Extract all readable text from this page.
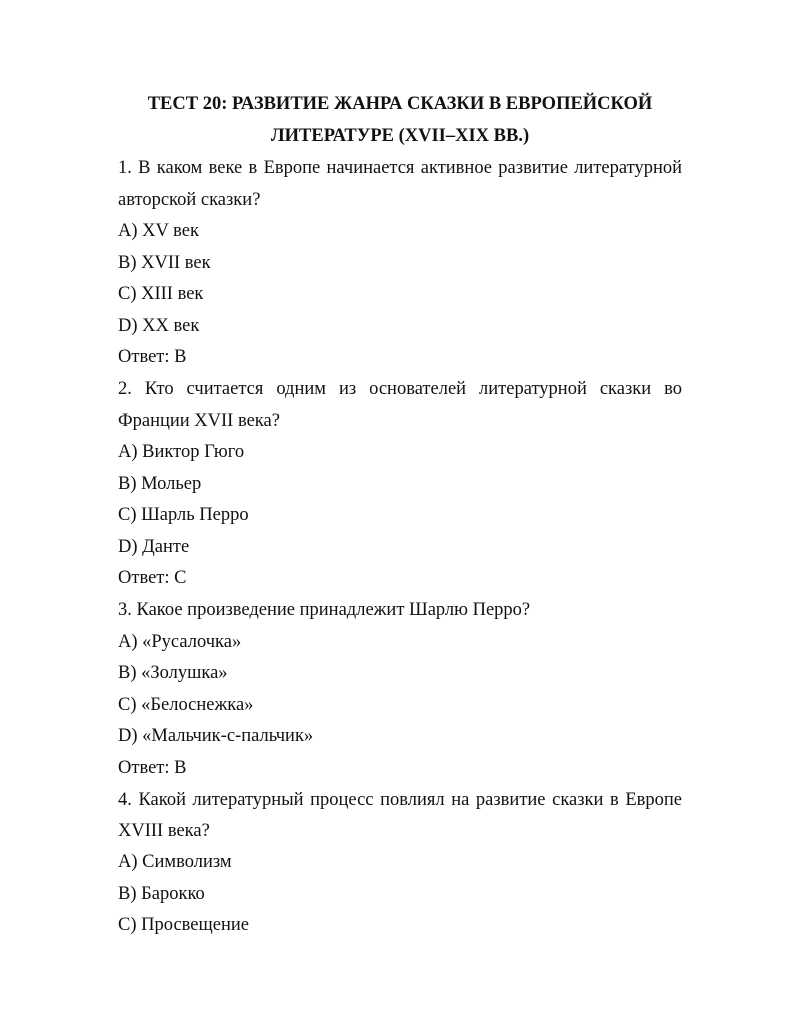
ТЕСТ 20: РАЗВИТИЕ ЖАНРА СКАЗКИ В ЕВРОПЕЙСКОЙ
ЛИТЕРАТУРЕ (XVII–XIX ВВ.)
1. В каком веке в Европе начинается активное развитие литературной
авторской сказки?
A) XV век
B) XVII век
C) XIII век
D) XX век
Ответ: B
2. Кто считается одним из основателей литературной сказки во
Франции XVII века?
A) Виктор Гюго
B) Мольер
C) Шарль Перро
D) Данте
Ответ: C
3. Какое произведение принадлежит Шарлю Перро?
A) «Русалочка»
B) «Золушка»
C) «Белоснежка»
D) «Мальчик-с-пальчик»
Ответ: B
4. Какой литературный процесс повлиял на развитие сказки в Европе
XVIII века?
A) Символизм
B) Барокко
C) Просвещение
